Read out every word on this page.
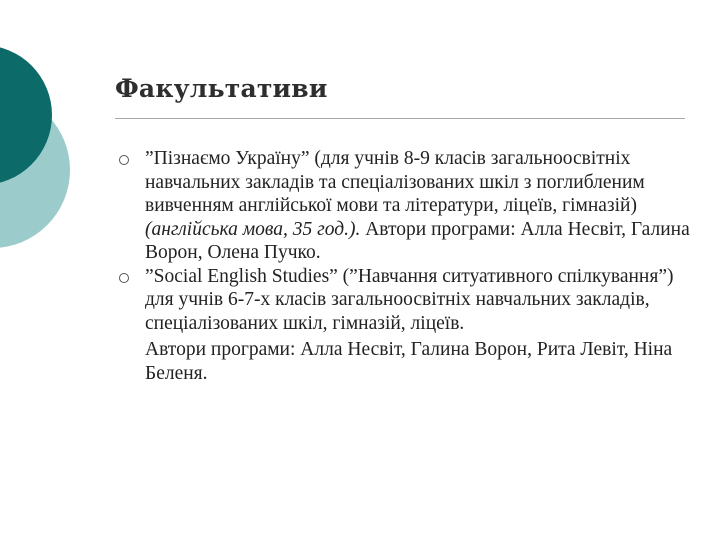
Факультативи
”Пізнаємо Україну” (для учнів 8-9 класів загальноосвітніх навчальних закладів та спеціалізованих шкіл з поглибленим вивченням англійської мови та літератури, ліцеїв, гімназій) (англійська мова, 35 год.). Автори програми: Алла Несвіт, Галина Ворон, Олена Пучко.
”Social English Studies” (”Навчання ситуативного спілкування”) для учнів 6-7-х класів загальноосвітніх навчальних закладів, спеціалізованих шкіл, гімназій, ліцеїв.
Автори програми: Алла Несвіт, Галина Ворон, Рита Левіт, Ніна Беленя.
